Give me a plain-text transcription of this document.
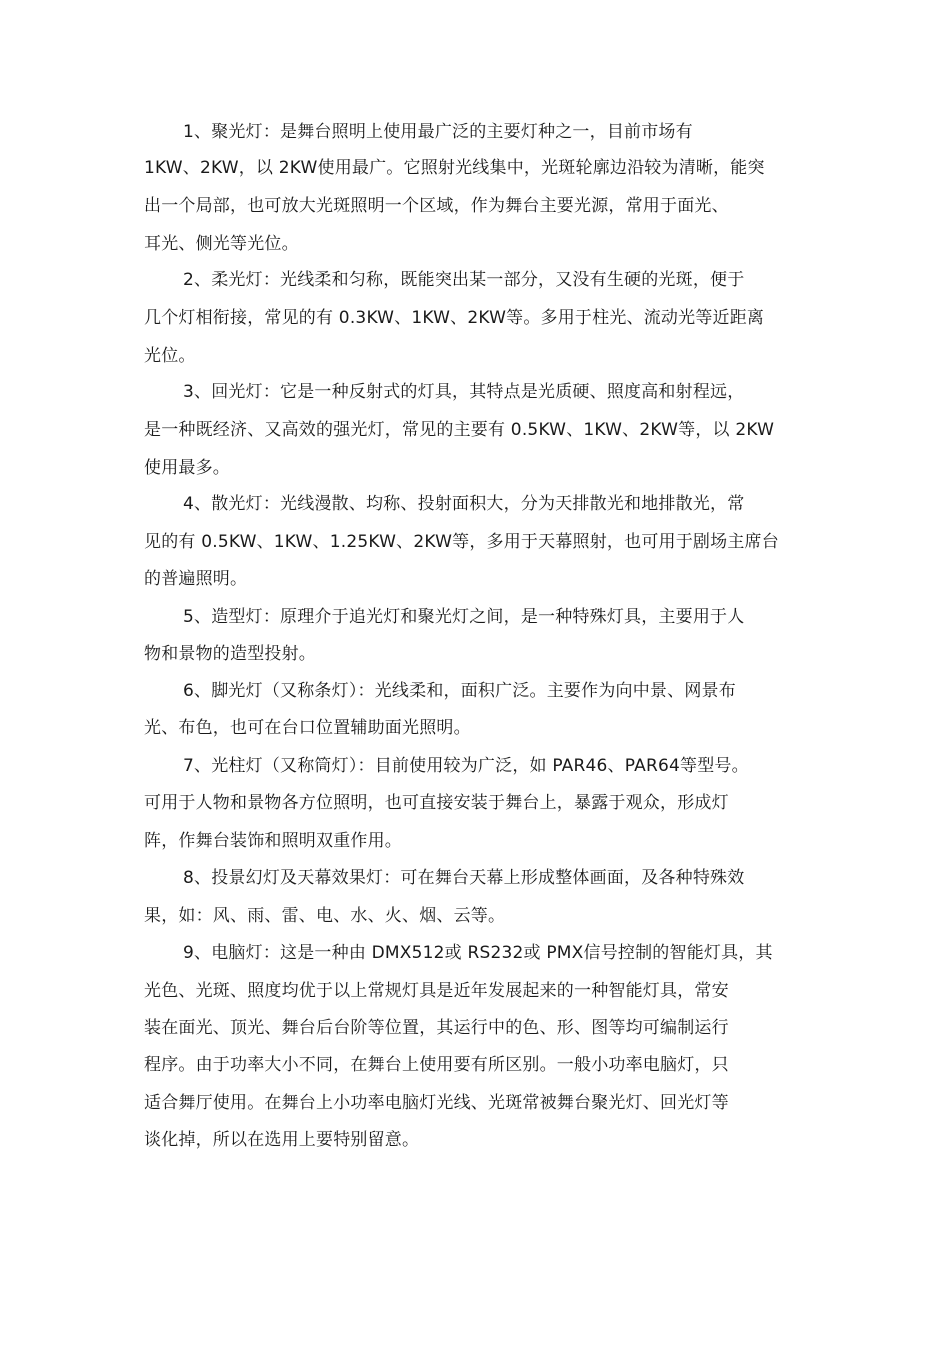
1、聚光灯：是舞台照明上使用最广泛的主要灯种之一，目前市场有
1KW、2KW，以 2KW使用最广。它照射光线集中，光斑轮廓边沿较为清晰，能突
出一个局部，也可放大光斑照明一个区域，作为舞台主要光源，常用于面光、
耳光、侧光等光位。
2、柔光灯：光线柔和匀称，既能突出某一部分，又没有生硬的光斑，便于
几个灯相衔接，常见的有 0.3KW、1KW、2KW等。多用于柱光、流动光等近距离
光位。
3、回光灯：它是一种反射式的灯具，其特点是光质硬、照度高和射程远，
是一种既经济、又高效的强光灯，常见的主要有 0.5KW、1KW、2KW等，以 2KW
使用最多。
4、散光灯：光线漫散、均称、投射面积大，分为天排散光和地排散光，常
见的有 0.5KW、1KW、1.25KW、2KW等，多用于天幕照射，也可用于剧场主席台
的普遍照明。
5、造型灯：原理介于追光灯和聚光灯之间，是一种特殊灯具，主要用于人
物和景物的造型投射。
6、脚光灯（又称条灯）：光线柔和，面积广泛。主要作为向中景、网景布
光、布色，也可在台口位置辅助面光照明。
7、光柱灯（又称筒灯）：目前使用较为广泛，如 PAR46、PAR64等型号。
可用于人物和景物各方位照明，也可直接安装于舞台上，暴露于观众，形成灯
阵，作舞台装饰和照明双重作用。
8、投景幻灯及天幕效果灯：可在舞台天幕上形成整体画面，及各种特殊效
果，如：风、雨、雷、电、水、火、烟、云等。
9、电脑灯：这是一种由 DMX512或 RS232或 PMX信号控制的智能灯具，其
光色、光斑、照度均优于以上常规灯具是近年发展起来的一种智能灯具，常安
装在面光、顶光、舞台后台阶等位置，其运行中的色、形、图等均可编制运行
程序。由于功率大小不同，在舞台上使用要有所区别。一般小功率电脑灯，只
适合舞厅使用。在舞台上小功率电脑灯光线、光斑常被舞台聚光灯、回光灯等
谈化掉，所以在选用上要特别留意。
